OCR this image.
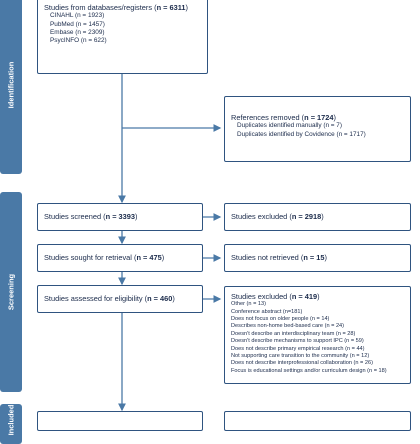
Identification
Screening
Included
Studies from databases/registers (n = 6311)
CINAHL (n = 1923)
PubMed (n = 1457)
Embase (n = 2309)
PsycINFO (n = 622)
References removed (n = 1724)
Duplicates identified manually (n = 7)
Duplicates identified by Covidence (n = 1717)
Studies screened (n = 3393)	Studies excluded (n = 2918)
Studies sought for retrieval (n = 475)	Studies not retrieved (n = 15)
Studies assessed for eligibility (n = 460)	Studies excluded (n = 419)
Other (n = 13)
Conference abstract (n=181)
Does not focus on older people (n = 14)
Describes non-home bed-based care (n = 24)
Doesn't describe an interdisciplinary team (n = 28)
Doesn't describe mechanisms to support IPC (n = 59)
Does not describe primary empirical research (n = 44)
Not supporting care transition to the community (n = 12)
Does not describe interprofessional collaboration (n = 26)
Focus is educational settings and/or curriculum design (n = 18)
